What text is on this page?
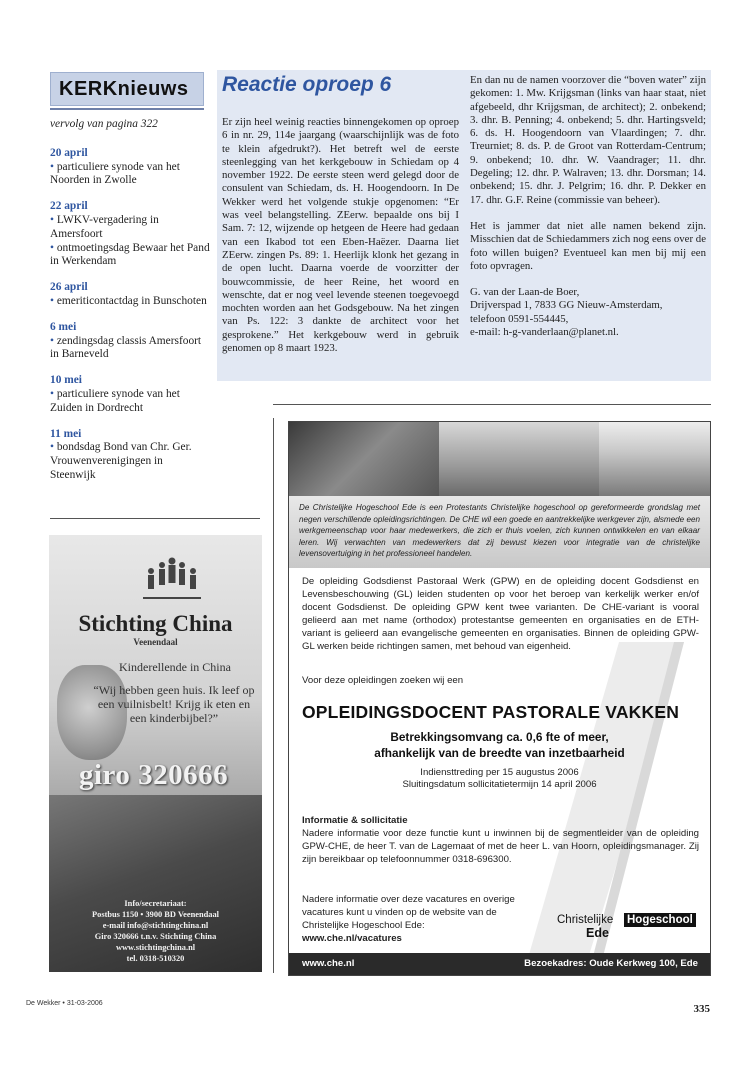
KERKnieuws
vervolg van pagina 322
20 april
• particuliere synode van het Noorden in Zwolle
22 april
• LWKV-vergadering in Amersfoort
• ontmoetingsdag Bewaar het Pand in Werkendam
26 april
• emeriticontactdag in Bunschoten
6 mei
• zendingsdag classis Amersfoort in Barneveld
10 mei
• particuliere synode van het Zuiden in Dordrecht
11 mei
• bondsdag Bond van Chr. Ger. Vrouwenverenigingen in Steenwijk
Reactie oproep 6
Er zijn heel weinig reacties binnengekomen op oproep 6 in nr. 29, 114e jaargang (waarschijnlijk was de foto te klein afgedrukt?). Het betreft wel de eerste steenlegging van het kerkgebouw in Schiedam op 4 november 1922. De eerste steen werd gelegd door de consulent van Schiedam, ds. H. Hoogendoorn. In De Wekker werd het volgende stukje opgenomen: “Er was veel belangstelling. ZEerw. bepaalde ons bij I Sam. 7: 12, wijzende op hetgeen de Heere had gedaan van een Ikabod tot een Eben-Haëzer. Daarna liet ZEerw. zingen Ps. 89: 1. Heerlijk klonk het gezang in de open lucht. Daarna voerde de voorzitter der bouwcommissie, de heer Reine, het woord en wenschte, dat er nog veel levende steenen toegevoegd mochten worden aan het Godsgebouw. Na het zingen van Ps. 122: 3 dankte de architect voor het gesprokene.” Het kerkgebouw werd in gebruik genomen op 8 maart 1923.

En dan nu de namen voorzover die “boven water” zijn gekomen: 1. Mw. Krijgsman (links van haar staat, niet afgebeeld, dhr Krijgsman, de architect); 2. onbekend; 3. dhr. B. Penning; 4. onbekend; 5. dhr. Hartingsveld; 6. ds. H. Hoogendoorn van Vlaardingen; 7. dhr. Treurniet; 8. ds. P. de Groot van Rotterdam-Centrum; 9. onbekend; 10. dhr. W. Vaandrager; 11. dhr. Degeling; 12. dhr. P. Walraven; 13. dhr. Dorsman; 14. onbekend; 15. dhr. J. Pelgrim; 16. dhr. P. Dekker en 17. dhr. G.F. Reine (commissie van beheer).

Het is jammer dat niet alle namen bekend zijn. Misschien dat de Schiedammers zich nog eens over de foto willen buigen? Eventueel kan men bij mij een foto opvragen.

G. van der Laan-de Boer,
Drijverspad 1, 7833 GG Nieuw-Amsterdam,
telefoon 0591-554445,
e-mail: h-g-vanderlaan@planet.nl.
Stichting China
Veenendaal
Kinderellende in China
“Wij hebben geen huis. Ik leef op een vuilnisbelt! Krijg ik eten en een kinderbijbel?”
giro 320666
Info/secretariaat:
Postbus 1150 • 3900 BD Veenendaal
e-mail info@stichtingchina.nl
Giro 320666 t.n.v. Stichting China
www.stichtingchina.nl
tel. 0318-510320
De Christelijke Hogeschool Ede is een Protestants Christelijke hogeschool op gereformeerde grondslag met negen verschillende opleidingsrichtingen. De CHE wil een goede en aantrekkelijke werkgever zijn, alsmede een werkgemeenschap voor haar medewerkers, die zich er thuis voelen, zich kunnen ontwikkelen en van elkaar leren. Wij verwachten van medewerkers dat zij bewust kiezen voor integratie van de christelijke levensovertuiging in het professioneel handelen.
De opleiding Godsdienst Pastoraal Werk (GPW) en de opleiding docent Godsdienst en Levensbeschouwing (GL) leiden studenten op voor het beroep van kerkelijk werker en/of docent Godsdienst. De opleiding GPW kent twee varianten. De CHE-variant is vooral gelieerd aan met name (orthodox) protestantse gemeenten en organisaties en de ETH-variant is gelieerd aan evangelische gemeenten en organisaties. Binnen de opleiding GPW-GL werken beide richtingen samen, met behoud van eigenheid.
Voor deze opleidingen zoeken wij een
OPLEIDINGSDOCENT PASTORALE VAKKEN
Betrekkingsomvang ca. 0,6 fte of meer,
afhankelijk van de breedte van inzetbaarheid
Indiensttreding per 15 augustus 2006
Sluitingsdatum sollicitatietermijn 14 april 2006
Informatie & sollicitatie
Nadere informatie voor deze functie kunt u inwinnen bij de segmentleider van de opleiding GPW-CHE, de heer T. van de Lagemaat of met de heer L. van Hoorn, opleidingsmanager. Zij zijn bereikbaar op telefoonnummer 0318-696300.
Nadere informatie over deze vacatures en overige vacatures kunt u vinden op de website van de Christelijke Hogeschool Ede:
www.che.nl/vacatures
Christelijke Hogeschool
Ede
www.che.nl	Bezoekadres: Oude Kerkweg 100, Ede
De Wekker • 31-03-2006	335
